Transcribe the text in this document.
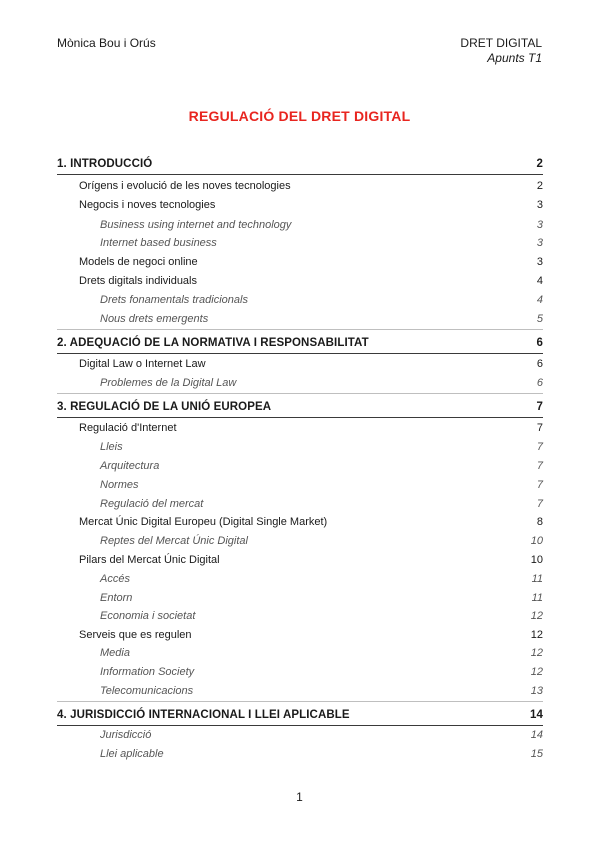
Mònica Bou i Orús	DRET DIGITAL
Apunts T1
REGULACIÓ DEL DRET DIGITAL
1. INTRODUCCIÓ	2
Orígens i evolució de les noves tecnologies	2
Negocis i noves tecnologies	3
Business using internet and technology	3
Internet based business	3
Models de negoci online	3
Drets digitals individuals	4
Drets fonamentals tradicionals	4
Nous drets emergents	5
2. ADEQUACIÓ DE LA NORMATIVA I RESPONSABILITAT	6
Digital Law o Internet Law	6
Problemes de la Digital Law	6
3. REGULACIÓ DE LA UNIÓ EUROPEA	7
Regulació d'Internet	7
Lleis	7
Arquitectura	7
Normes	7
Regulació del mercat	7
Mercat Únic Digital Europeu (Digital Single Market)	8
Reptes del Mercat Únic Digital	10
Pilars del Mercat Únic Digital	10
Accés	11
Entorn	11
Economia i societat	12
Serveis que es regulen	12
Media	12
Information Society	12
Telecomunicacions	13
4. JURISDICCIÓ INTERNACIONAL I LLEI APLICABLE	14
Jurisdicció	14
Llei aplicable	15
1
